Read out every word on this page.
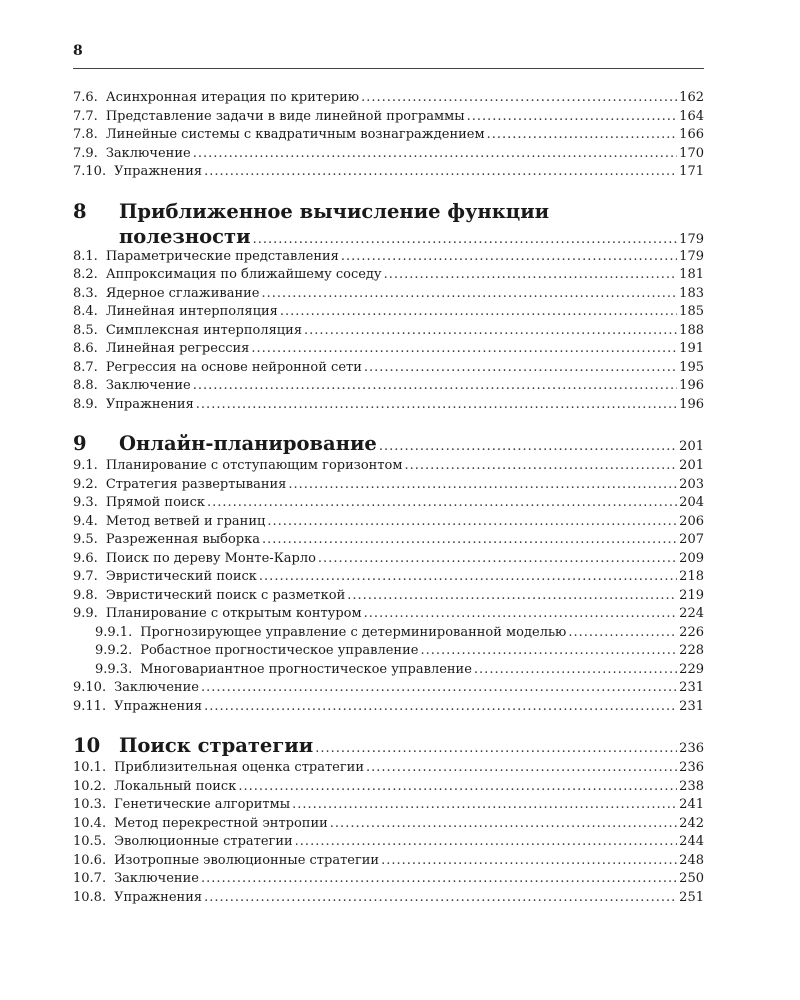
8
7.6. Асинхронная итерация по критерию .....	162
7.7. Представление задачи в виде линейной программы .....	164
7.8. Линейные системы с квадратичным вознаграждением .....	166
7.9. Заключение .....	170
7.10. Упражнения .....	171
8	Приближенное вычисление функции
полезности .....	179
8.1. Параметрические представления .....	179
8.2. Аппроксимация по ближайшему соседу .....	181
8.3. Ядерное сглаживание .....	183
8.4. Линейная интерполяция .....	185
8.5. Симплексная интерполяция .....	188
8.6. Линейная регрессия .....	191
8.7. Регрессия на основе нейронной сети .....	195
8.8. Заключение .....	196
8.9. Упражнения .....	196
9	Онлайн-планирование .....	201
9.1. Планирование с отступающим горизонтом .....	201
9.2. Стратегия развертывания .....	203
9.3. Прямой поиск .....	204
9.4. Метод ветвей и границ .....	206
9.5. Разреженная выборка .....	207
9.6. Поиск по дереву Монте-Карло .....	209
9.7. Эвристический поиск .....	218
9.8. Эвристический поиск с разметкой .....	219
9.9. Планирование с открытым контуром .....	224
9.9.1. Прогнозирующее управление с детерминированной моделью .....	226
9.9.2. Робастное прогностическое управление .....	228
9.9.3. Многовариантное прогностическое управление .....	229
9.10. Заключение .....	231
9.11. Упражнения .....	231
10 Поиск стратегии .....	236
10.1. Приблизительная оценка стратегии .....	236
10.2. Локальный поиск .....	238
10.3. Генетические алгоритмы .....	241
10.4. Метод перекрестной энтропии .....	242
10.5. Эволюционные стратегии .....	244
10.6. Изотропные эволюционные стратегии .....	248
10.7. Заключение .....	250
10.8. Упражнения .....	251
